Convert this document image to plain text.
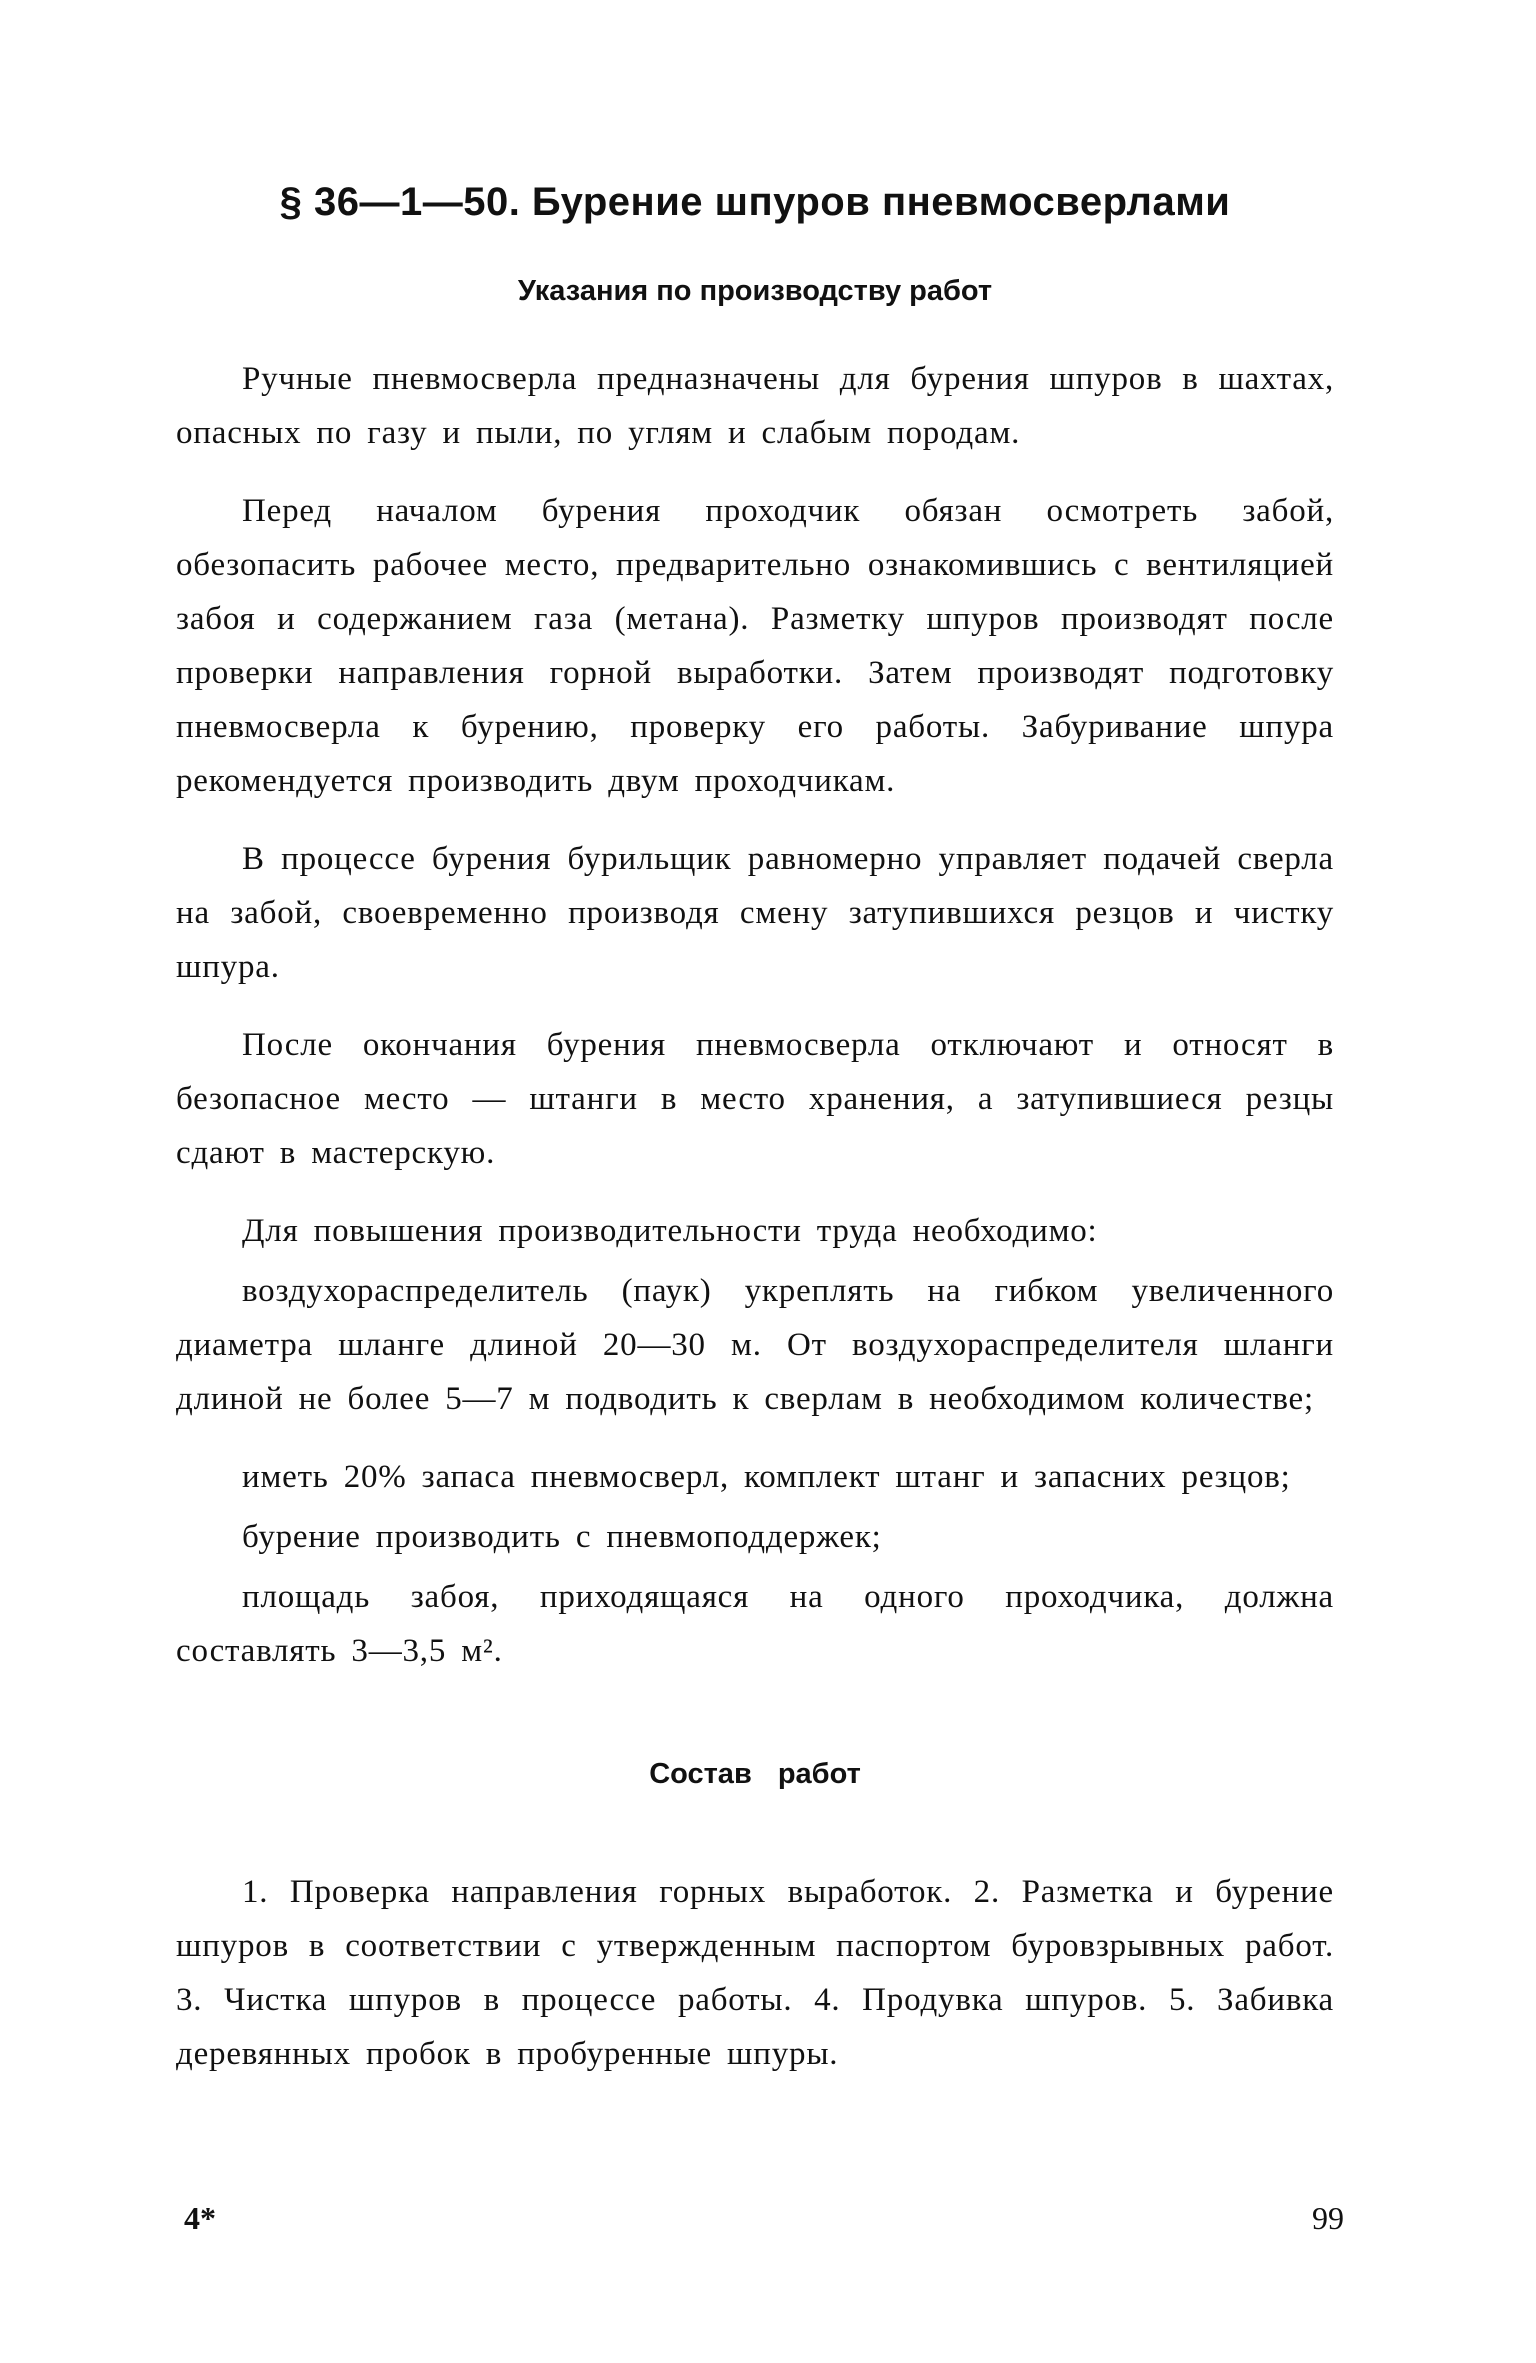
§ 36—1—50. Бурение шпуров пневмосверлами
Указания по производству работ

Ручные пневмосверла предназначены для бурения шпуров в шахтах, опасных по газу и пыли, по углям и слабым породам.

Перед началом бурения проходчик обязан осмотреть забой, обезопасить рабочее место, предварительно ознакомившись с вентиляцией забоя и содержанием газа (метана). Разметку шпуров производят после проверки направления горной выработки. Затем производят подготовку пневмосверла к бурению, проверку его работы. Забуривание шпура рекомендуется производить двум проходчикам.

В процессе бурения бурильщик равномерно управляет подачей сверла на забой, своевременно производя смену затупившихся резцов и чистку шпура.

После окончания бурения пневмосверла отключают и относят в безопасное место — штанги в место хранения, а затупившиеся резцы сдают в мастерскую.

Для повышения производительности труда необходимо:

воздухораспределитель (паук) укреплять на гибком увеличенного диаметра шланге длиной 20—30 м. От воздухораспределителя шланги длиной не более 5—7 м подводить к сверлам в необходимом количестве;

иметь 20% запаса пневмосверл, комплект штанг и запасних резцов;

бурение производить с пневмоподдержек;

площадь забоя, приходящаяся на одного проходчика, должна составлять 3—3,5 м².

Состав работ

1. Проверка направления горных выработок. 2. Разметка и бурение шпуров в соответствии с утвержденным паспортом буровзрывных работ. 3. Чистка шпуров в процессе работы. 4. Продувка шпуров. 5. Забивка деревянных пробок в пробуренные шпуры.

4*	99
